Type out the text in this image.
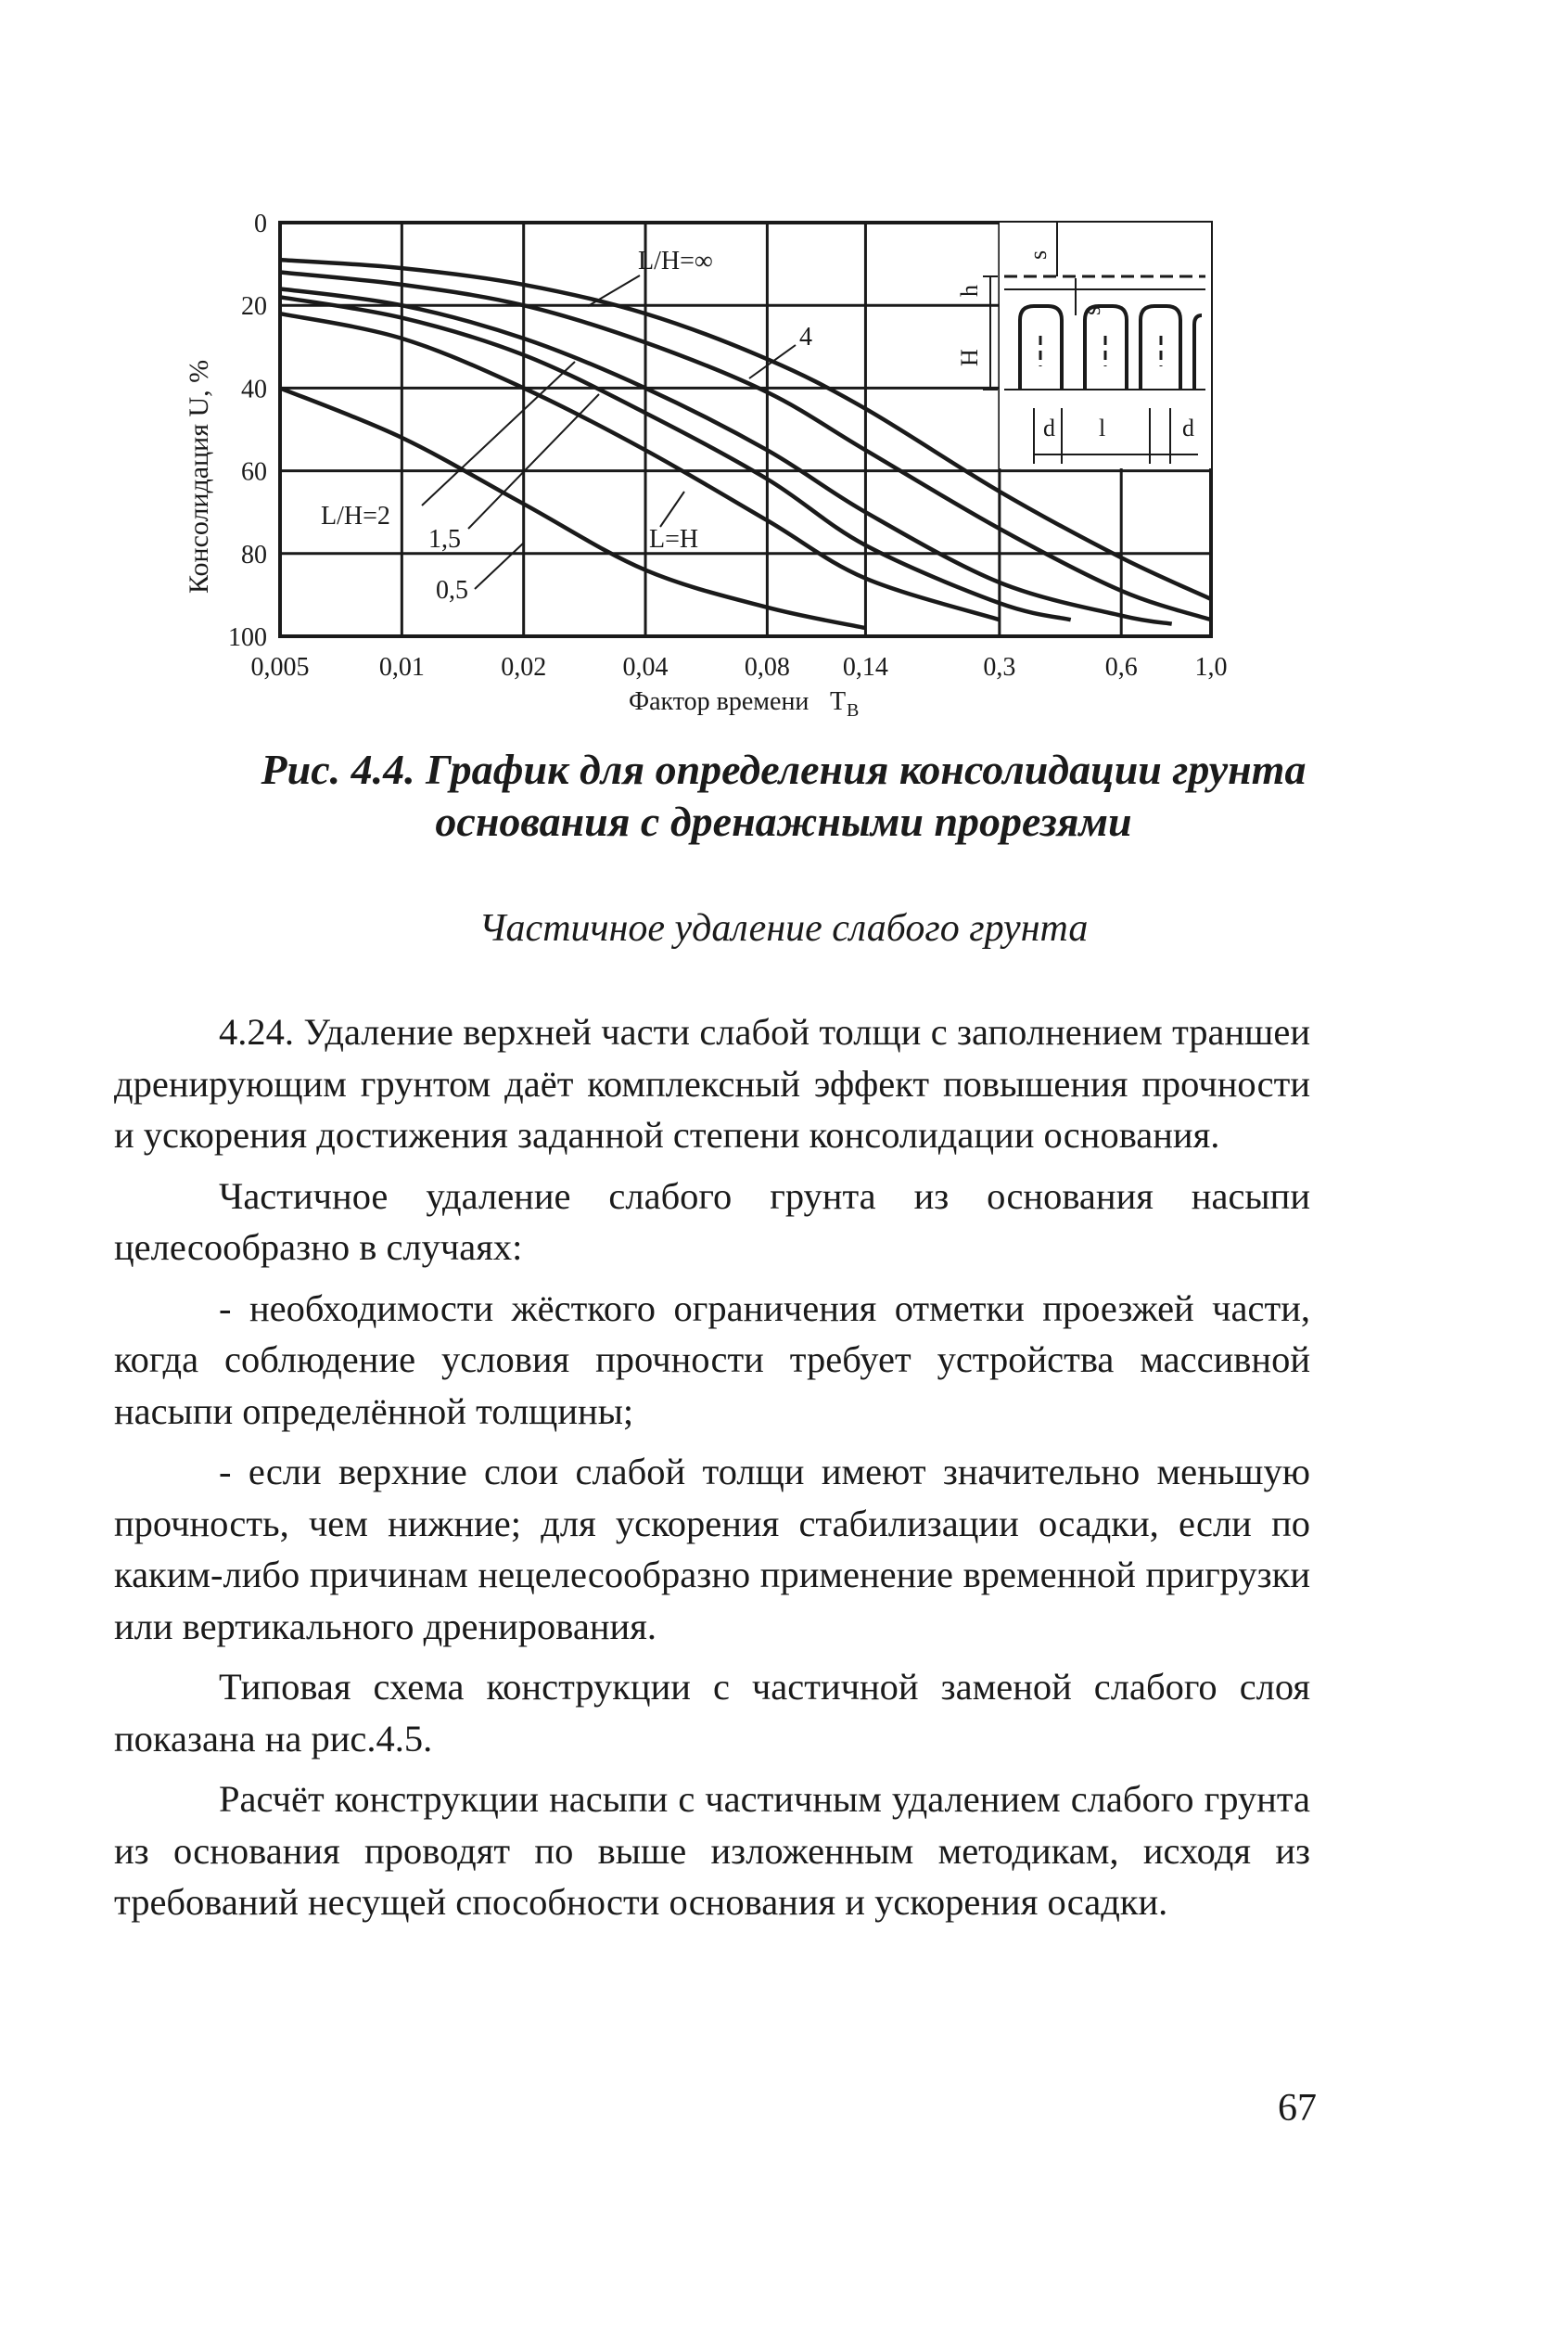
0,005	0,01	0,02	0,04	0,08 0,14	0,3	0,6 1,0
0
20
40
60
80
100
H
h
s
s
d l	d
L/H=∞
4
L/H=2
1,5
0,5
L=H
Консолидация U, %
Фактор времени T В
Рис. 4.4. График для определения консолидации грунта
основания с дренажными прорезями
Частичное удаление слабого грунта

4.24. Удаление верхней части слабой толщи с заполнением траншеи дренирующим грунтом даёт комплексный эффект повышения прочности и ускорения достижения заданной степени консолидации основания.

Частичное удаление слабого грунта из основания насыпи целесообразно в случаях:

- необходимости жёсткого ограничения отметки проезжей части, когда соблюдение условия прочности требует устройства массивной насыпи определённой толщины;

- если верхние слои слабой толщи имеют значительно меньшую прочность, чем нижние; для ускорения стабилизации осадки, если по каким-либо причинам нецелесообразно применение временной пригрузки или вертикального дренирования.

Типовая схема конструкции с частичной заменой слабого слоя показана на рис.4.5.

Расчёт конструкции насыпи с частичным удалением слабого грунта из основания проводят по выше изложенным методикам, исходя из требований несущей способности основания и ускорения осадки.

67
